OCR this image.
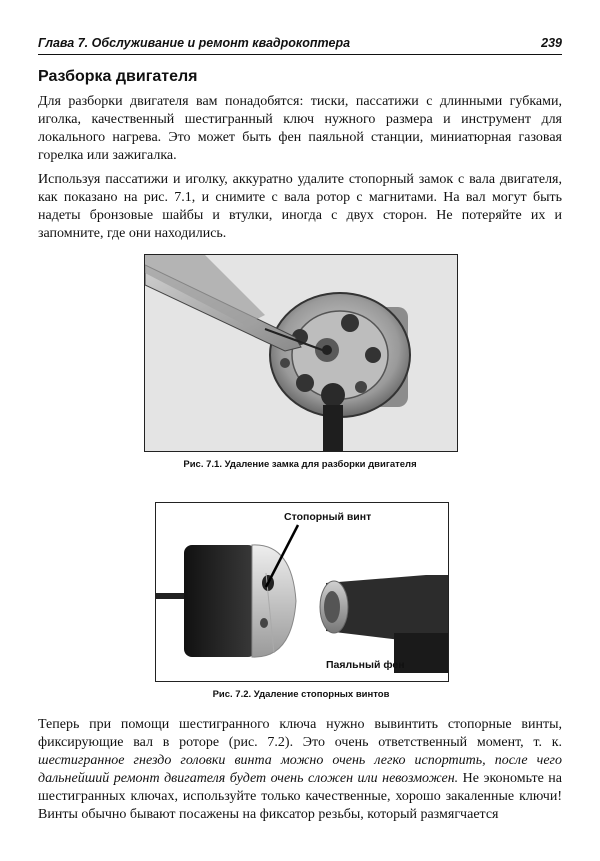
Глава 7. Обслуживание и ремонт квадрокоптера	239
Разборка двигателя

Для разборки двигателя вам понадобятся: тиски, пассатижи с длинными губками, иголка, качественный шестигранный ключ нужного размера и инструмент для локального нагрева. Это может быть фен паяльной станции, миниатюрная газовая горелка или зажигалка.

Используя пассатижи и иголку, аккуратно удалите стопорный замок с вала двигателя, как показано на рис. 7.1, и снимите с вала ротор с магнитами. На вал могут быть надеты бронзовые шайбы и втулки, иногда с двух сторон. Не потеряйте их и запомните, где они находились.

Рис. 7.1. Удаление замка для разборки двигателя
Стопорный винт
Паяльный фен
Рис. 7.2. Удаление стопорных винтов

Теперь при помощи шестигранного ключа нужно вывинтить стопорные винты, фиксирующие вал в роторе (рис. 7.2). Это очень ответственный момент, т. к. шестигранное гнездо головки винта можно очень легко испортить, после чего дальнейший ремонт двигателя будет очень сложен или невозможен. Не экономьте на шестигранных ключах, используйте только качественные, хорошо закаленные ключи! Винты обычно бывают посажены на фиксатор резьбы, который размягчается
